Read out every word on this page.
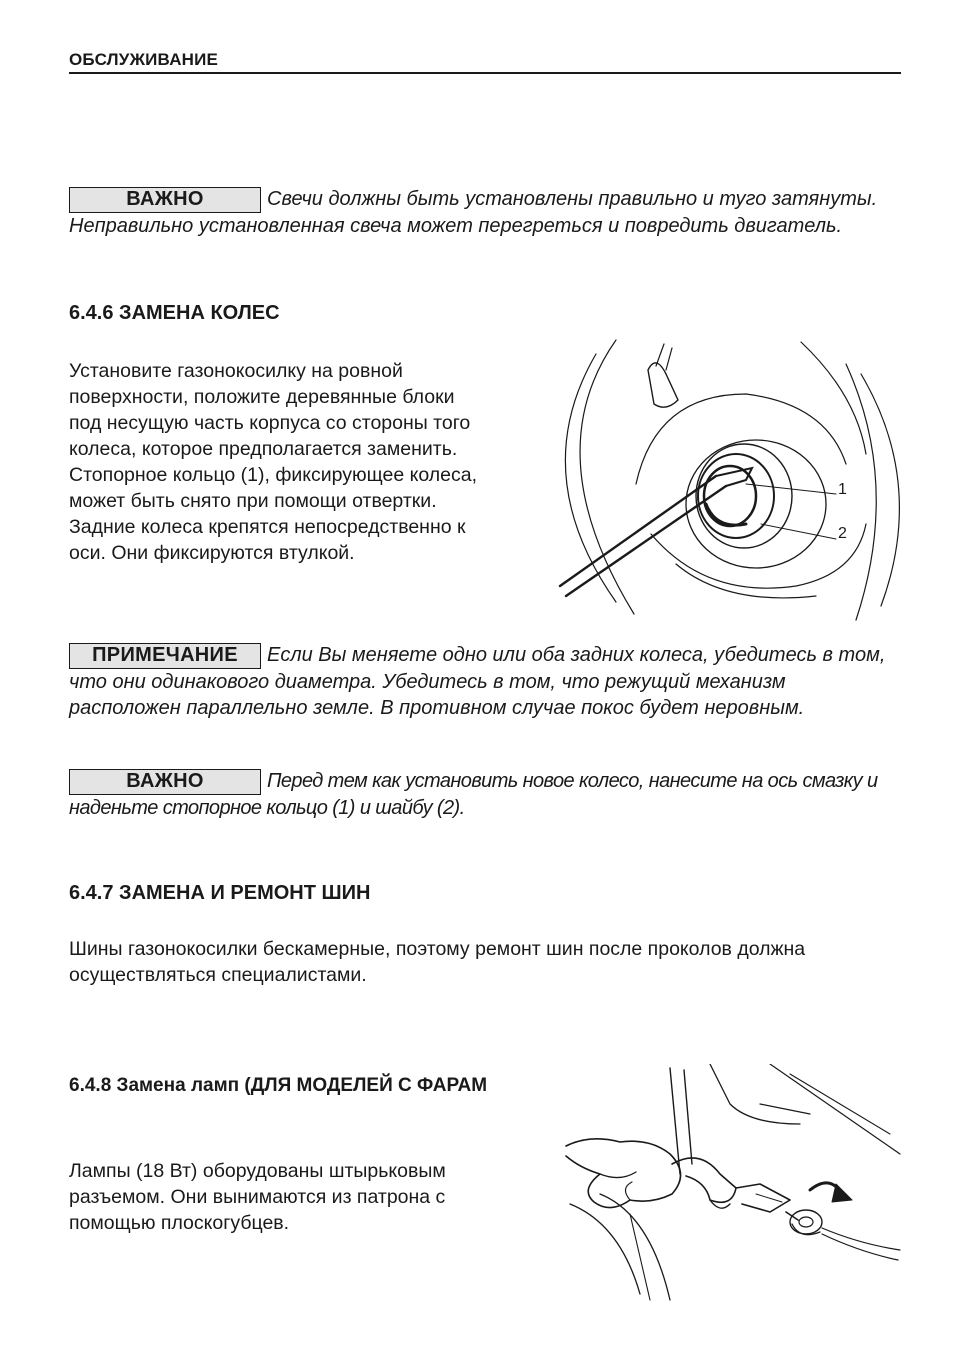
ОБСЛУЖИВАНИЕ
ВАЖНО	Свечи должны быть установлены правильно и туго затянуты. Неправильно установленная свеча может перегреться и повредить двигатель.
6.4.6 ЗАМЕНА КОЛЕС
Установите газонокосилку на ровной
поверхности, положите деревянные блоки
под несущую часть корпуса со стороны того
колеса, которое предполагается заменить.
Стопорное кольцо (1), фиксирующее колеса,
может быть снято при помощи отвертки.
Задние колеса крепятся непосредственно к
оси. Они фиксируются втулкой.
1
2
ПРИМЕЧАНИЕ Если Вы меняете одно или оба задних колеса, убедитесь в том, что они одинакового диаметра. Убедитесь в том, что режущий механизм расположен параллельно земле. В противном случае покос будет неровным.
ВАЖНО	Перед тем как установить новое колесо, нанесите на ось смазку и наденьте стопорное кольцо (1) и шайбу (2).
6.4.7 ЗАМЕНА И РЕМОНТ ШИН
Шины газонокосилки бескамерные, поэтому ремонт шин после проколов должна
осуществляться специалистами.
6.4.8 Замена ламп (ДЛЯ МОДЕЛЕЙ С ФАРАМ
Лампы (18 Вт) оборудованы штырьковым
разъемом. Они вынимаются из патрона с
помощью плоскогубцев.
